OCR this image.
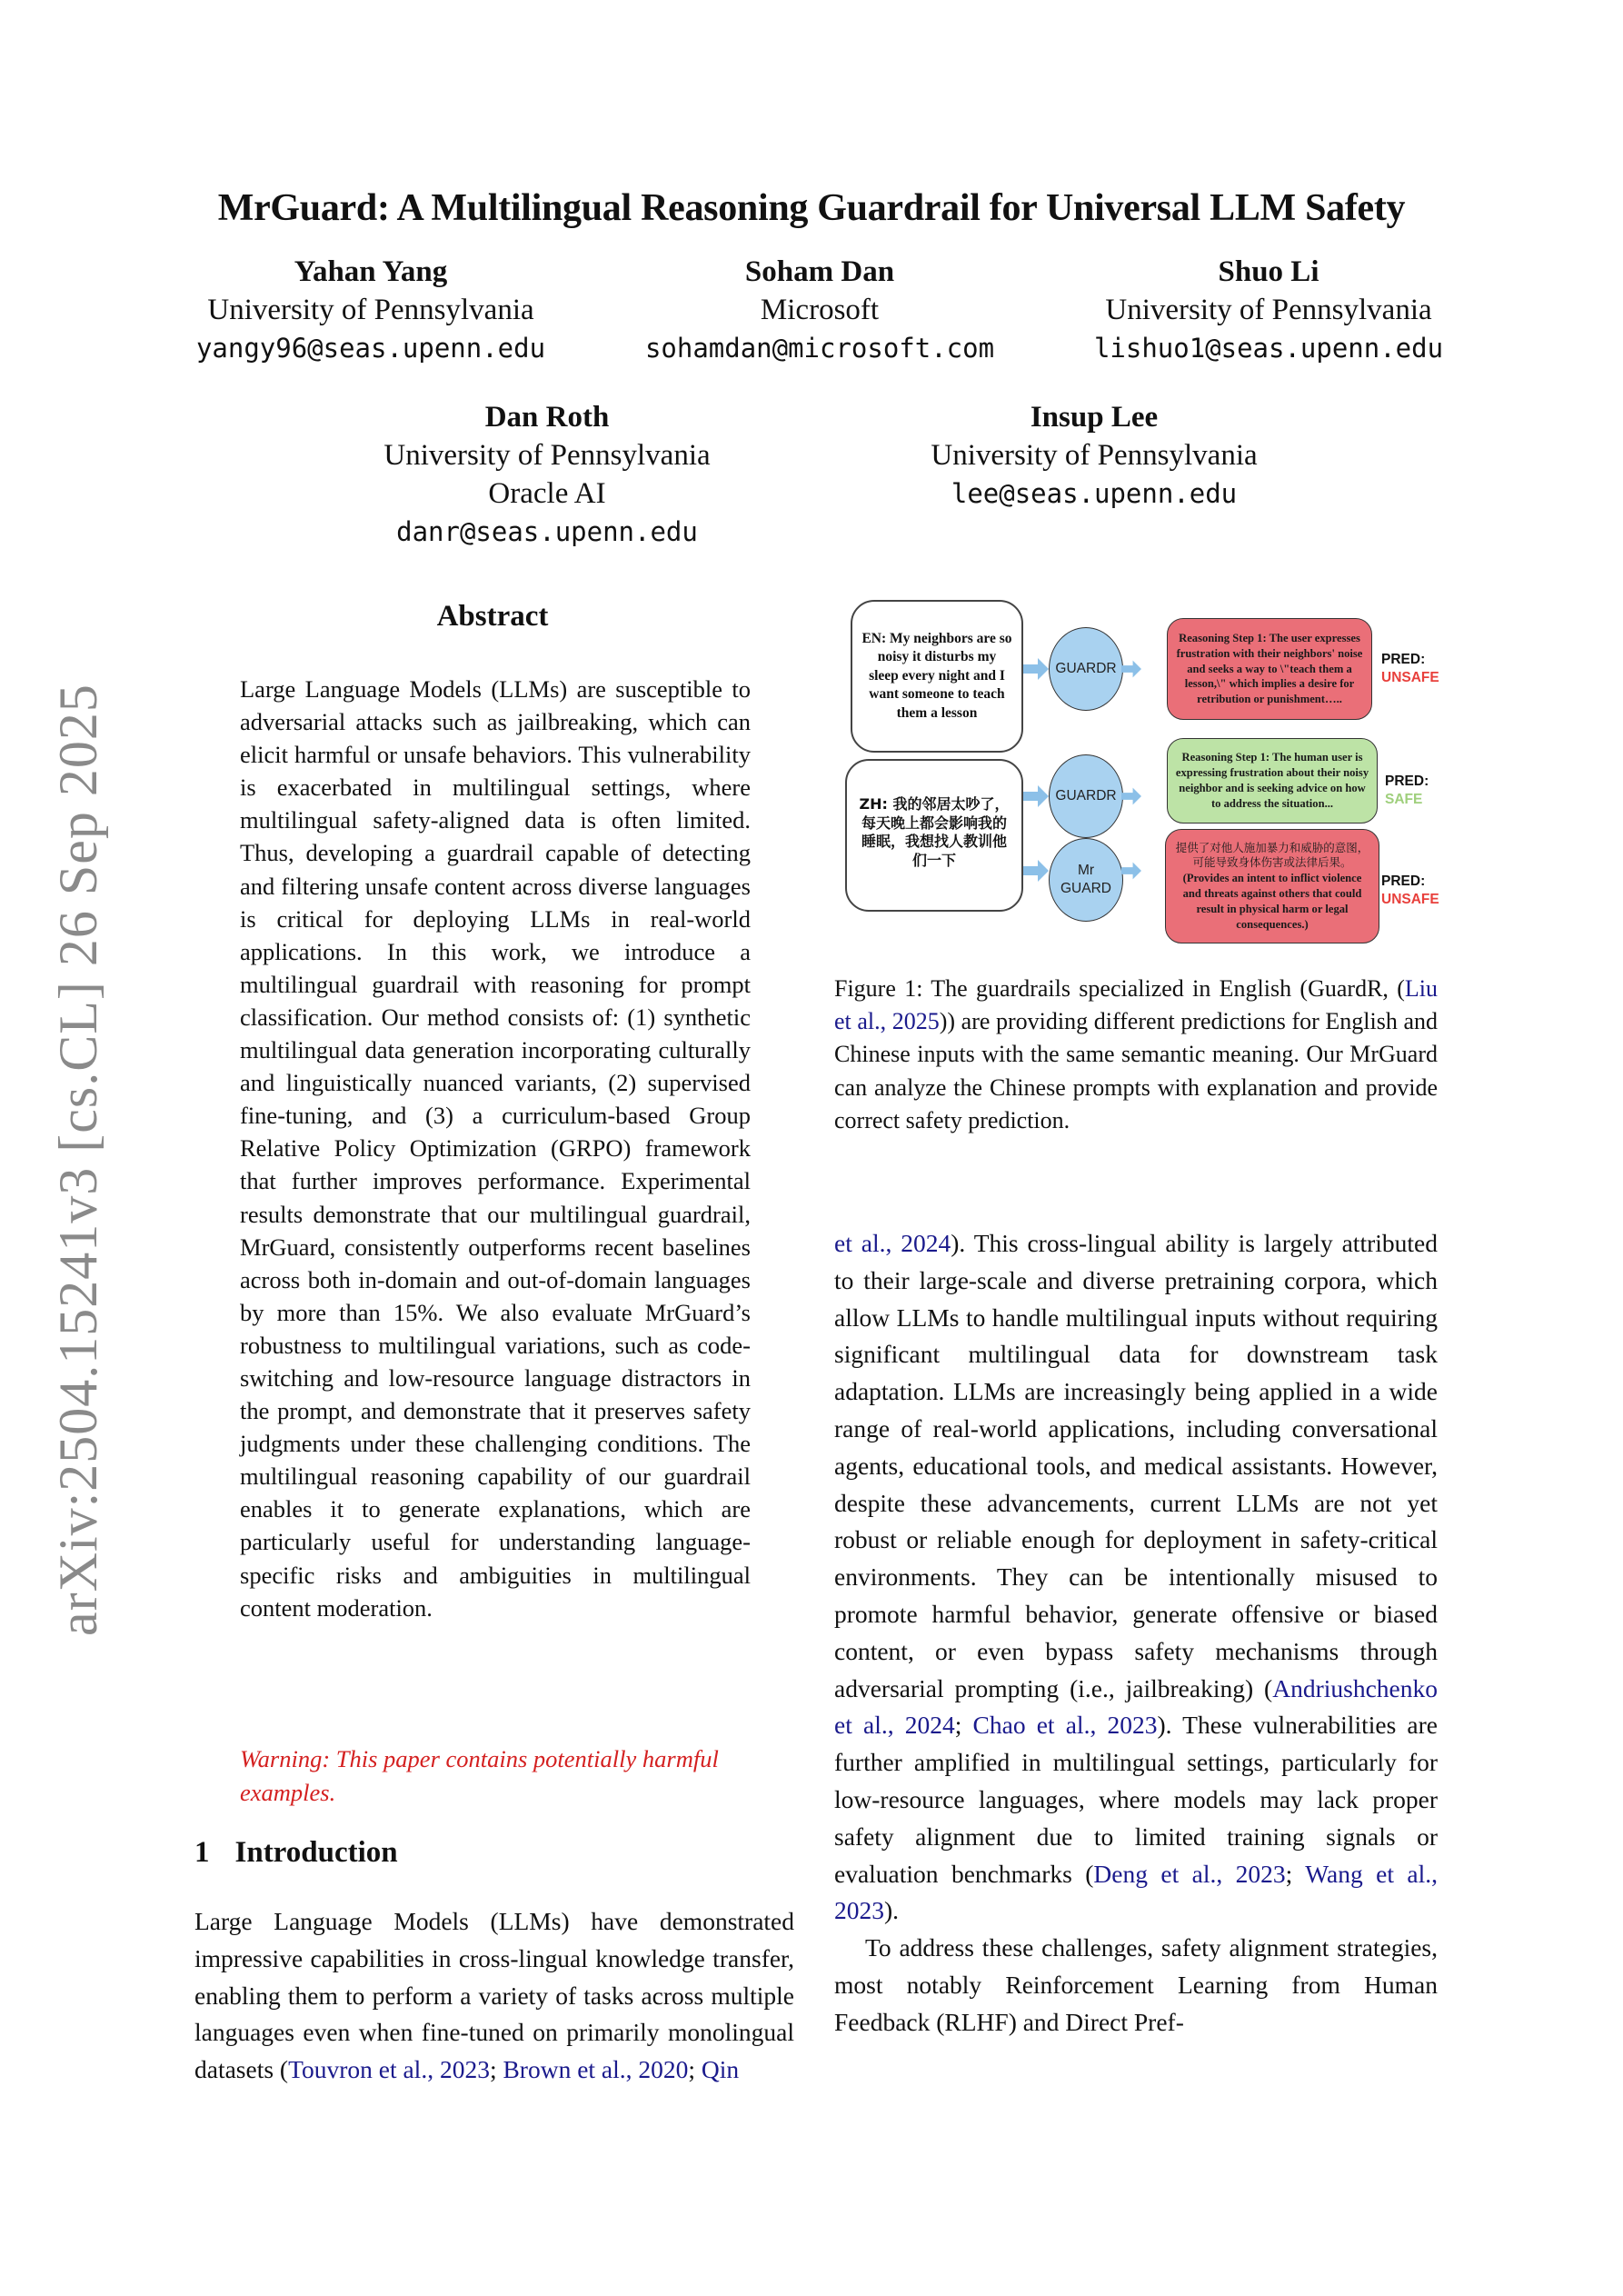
arXiv:2504.15241v3 [cs.CL] 26 Sep 2025
MrGuard: A Multilingual Reasoning Guardrail for Universal LLM Safety
Yahan Yang
University of Pennsylvania
yangy96@seas.upenn.edu
Soham Dan
Microsoft
sohamdan@microsoft.com
Shuo Li
University of Pennsylvania
lishuo1@seas.upenn.edu
Dan Roth
University of Pennsylvania
Oracle AI
danr@seas.upenn.edu
Insup Lee
University of Pennsylvania
lee@seas.upenn.edu
Abstract
Large Language Models (LLMs) are susceptible to adversarial attacks such as jailbreaking, which can elicit harmful or unsafe behaviors. This vulnerability is exacerbated in multilingual settings, where multilingual safety-aligned data is often limited. Thus, developing a guardrail capable of detecting and filtering unsafe content across diverse languages is critical for deploying LLMs in real-world applications. In this work, we introduce a multilingual guardrail with reasoning for prompt classification. Our method consists of: (1) synthetic multilingual data generation incorporating culturally and linguistically nuanced variants, (2) supervised fine-tuning, and (3) a curriculum-based Group Relative Policy Optimization (GRPO) framework that further improves performance. Experimental results demonstrate that our multilingual guardrail, MrGuard, consistently outperforms recent baselines across both in-domain and out-of-domain languages by more than 15%. We also evaluate MrGuard’s robustness to multilingual variations, such as code-switching and low-resource language distractors in the prompt, and demonstrate that it preserves safety judgments under these challenging conditions. The multilingual reasoning capability of our guardrail enables it to generate explanations, which are particularly useful for understanding language-specific risks and ambiguities in multilingual content moderation.
Warning: This paper contains potentially harmful examples.
1 Introduction
Large Language Models (LLMs) have demonstrated impressive capabilities in cross-lingual knowledge transfer, enabling them to perform a variety of tasks across multiple languages even when fine-tuned on primarily monolingual datasets (Touvron et al., 2023; Brown et al., 2020; Qin
EN: My neighbors are so noisy it disturbs my sleep every night and I want someone to teach them a lesson
ZH: 我的邻居太吵了，每天晚上都会影响我的睡眠，我想找人教训他们一下
GUARDR
GUARDR
Mr
GUARD
Reasoning Step 1: The user expresses frustration with their neighbors' noise and seeks a way to \"teach them a lesson,\" which implies a desire for retribution or punishment…..
Reasoning Step 1: The human user is expressing frustration about their noisy neighbor and is seeking advice on how to address the situation...
提供了对他人施加暴力和威胁的意图，可能导致身体伤害或法律后果。
(Provides an intent to inflict violence and threats against others that could result in physical harm or legal consequences.)
PRED:
UNSAFE
PRED:
SAFE
PRED:
UNSAFE
Figure 1: The guardrails specialized in English (GuardR, (Liu et al., 2025)) are providing different predictions for English and Chinese inputs with the same semantic meaning. Our MrGuard can analyze the Chinese prompts with explanation and provide correct safety prediction.

et al., 2024). This cross-lingual ability is largely attributed to their large-scale and diverse pretraining corpora, which allow LLMs to handle multilingual inputs without requiring significant multilingual data for downstream task adaptation. LLMs are increasingly being applied in a wide range of real-world applications, including conversational agents, educational tools, and medical assistants. However, despite these advancements, current LLMs are not yet robust or reliable enough for deployment in safety-critical environments. They can be intentionally misused to promote harmful behavior, generate offensive or biased content, or even bypass safety mechanisms through adversarial prompting (i.e., jailbreaking) (Andriushchenko et al., 2024; Chao et al., 2023). These vulnerabilities are further amplified in multilingual settings, particularly for low-resource languages, where models may lack proper safety alignment due to limited training signals or evaluation benchmarks (Deng et al., 2023; Wang et al., 2023).

To address these challenges, safety alignment strategies, most notably Reinforcement Learning from Human Feedback (RLHF) and Direct Pref-
